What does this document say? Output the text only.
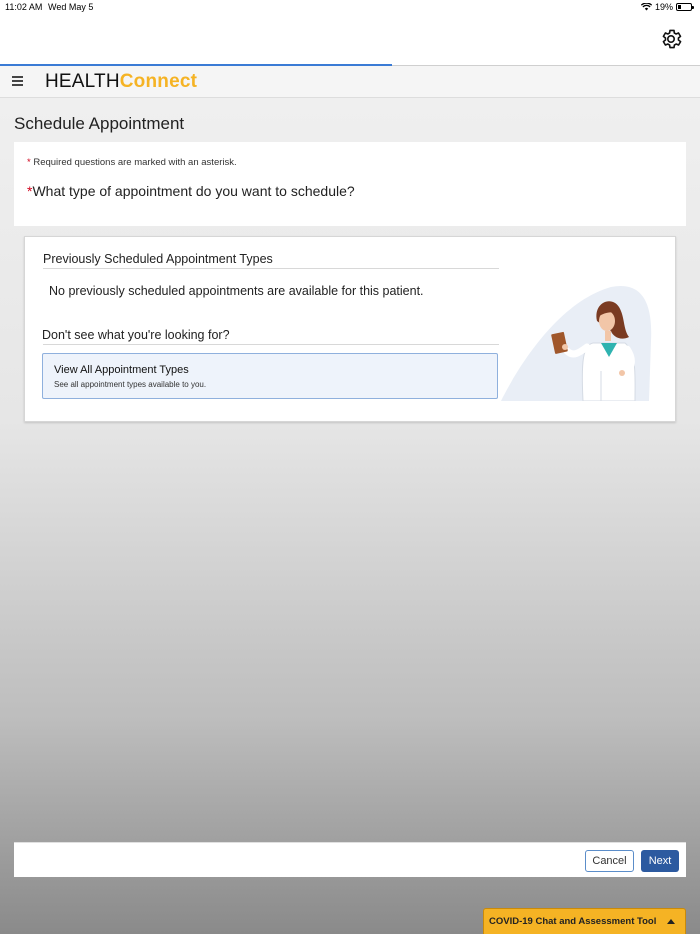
11:02 AM Wed May 5	19%
HEALTHConnect
Schedule Appointment
* Required questions are marked with an asterisk.
*What type of appointment do you want to schedule?
Previously Scheduled Appointment Types
No previously scheduled appointments are available for this patient.
Don't see what you're looking for?
View All Appointment Types
See all appointment types available to you.
Cancel	Next
COVID-19 Chat and Assessment Tool
